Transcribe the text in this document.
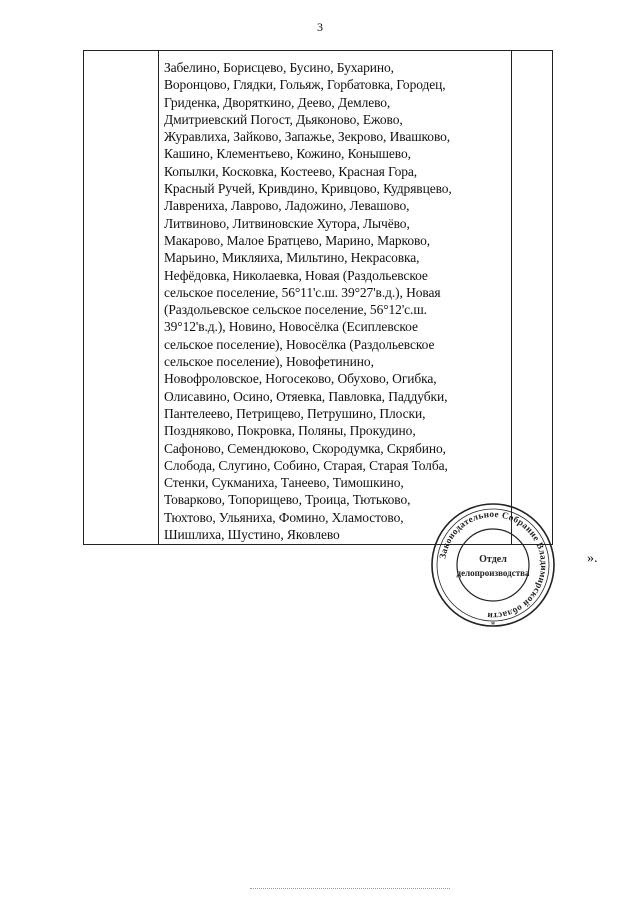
3

Забелино, Борисцево, Бусино, Бухарино,

Воронцово, Глядки, Гольяж, Горбатовка, Городец,

Гриденка, Дворяткино, Деево, Демлево,

Дмитриевский Погост, Дьяконово, Ежово,

Журавлиха, Зайково, Запажье, Зекрово, Ивашково,

Кашино, Клементьево, Кожино, Конышево,

Копылки, Косковка, Костеево, Красная Гора,

Красный Ручей, Кривдино, Кривцово, Кудрявцево,

Лаврениха, Лаврово, Ладожино, Левашово,

Литвиново, Литвиновские Хутора, Лычёво,

Макарово, Малое Братцево, Марино, Марково,

Марьино, Микляиха, Мильтино, Некрасовка,

Нефёдовка, Николаевка, Новая (Раздольевское

сельское поселение, 56°11'с.ш. 39°27'в.д.), Новая

(Раздольевское сельское поселение, 56°12'с.ш.

39°12'в.д.), Новино, Новосёлка (Есиплевское

сельское поселение), Новосёлка (Раздольевское

сельское поселение), Новофетинино,

Новофроловское, Ногосеково, Обухово, Огибка,

Олисавино, Осино, Отяевка, Павловка, Паддубки,

Пантелеево, Петрищево, Петрушино, Плоски,

Поздняково, Покровка, Поляны, Прокудино,

Сафоново, Семендюково, Скородумка, Скрябино,

Слобода, Слугино, Собино, Старая, Старая Толба,

Стенки, Сукманиха, Танеево, Тимошкино,

Товарково, Топорищево, Троица, Тютьково,

Тюхтово, Ульяниха, Фомино, Хламостово,

Шишлиха, Шустино, Яковлево

Законодательное Собрание Владимирской области
*
Отдел
делопроизводства
».
